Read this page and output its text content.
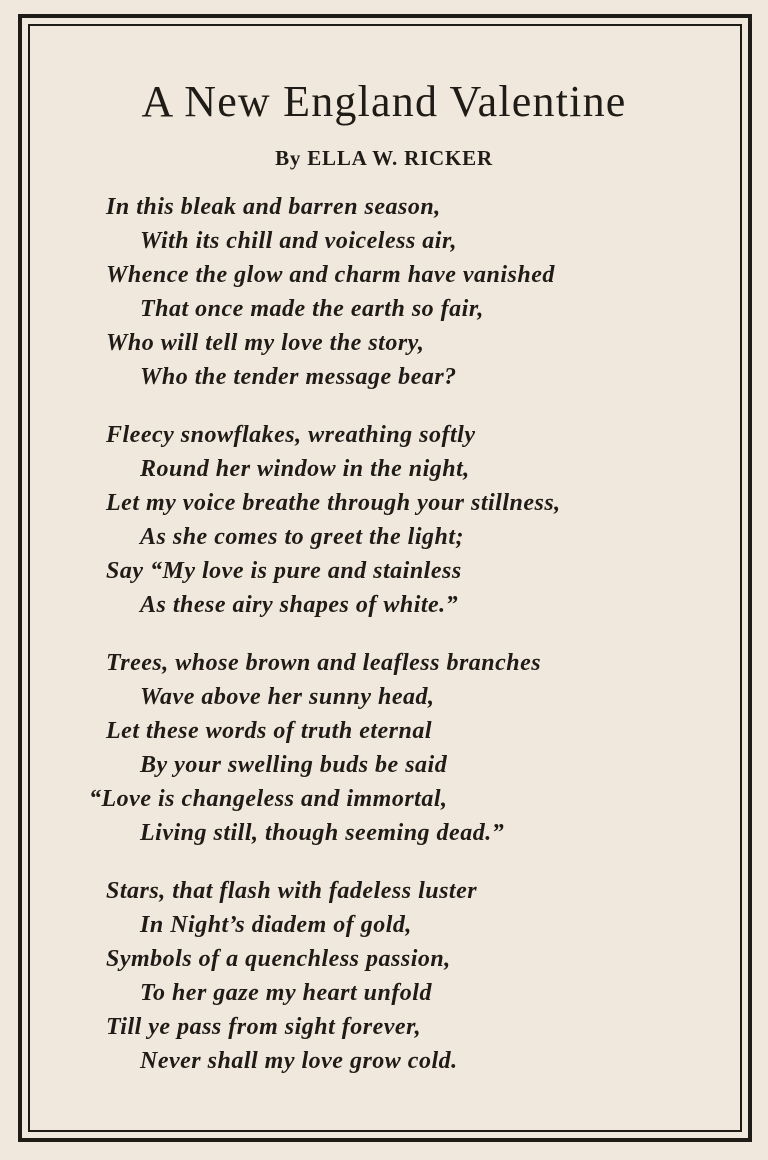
A New England Valentine
By ELLA W. RICKER
In this bleak and barren season,
With its chill and voiceless air,
Whence the glow and charm have vanished
That once made the earth so fair,
Who will tell my love the story,
Who the tender message bear?
Fleecy snowflakes, wreathing softly
Round her window in the night,
Let my voice breathe through your stillness,
As she comes to greet the light;
Say “My love is pure and stainless
As these airy shapes of white.”
Trees, whose brown and leafless branches
Wave above her sunny head,
Let these words of truth eternal
By your swelling buds be said
“Love is changeless and immortal,
Living still, though seeming dead.”
Stars, that flash with fadeless luster
In Night’s diadem of gold,
Symbols of a quenchless passion,
To her gaze my heart unfold
Till ye pass from sight forever,
Never shall my love grow cold.
